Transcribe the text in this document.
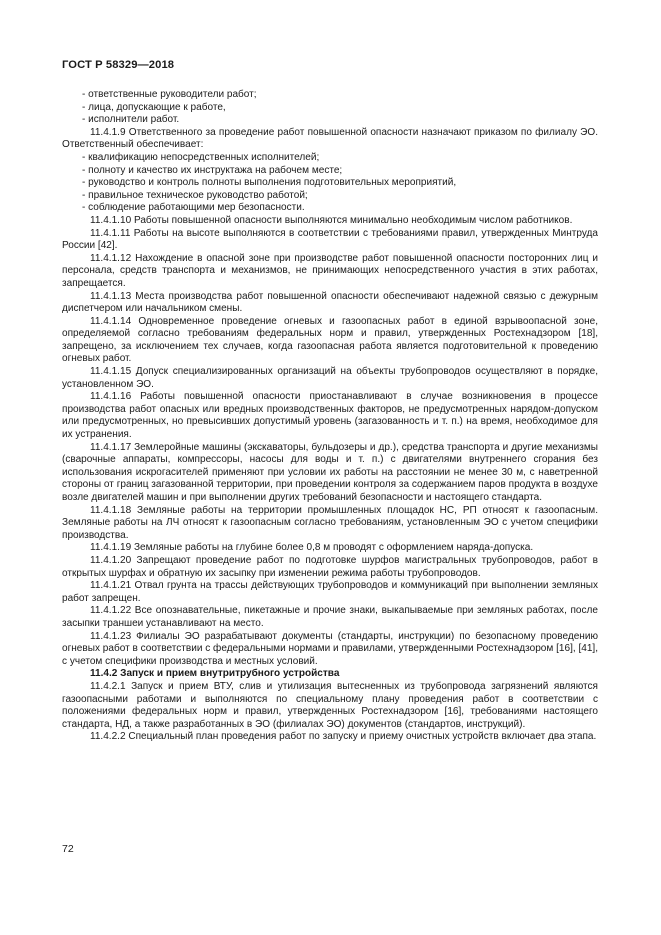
ГОСТ Р 58329—2018

- ответственные руководители работ;

- лица, допускающие к работе,

- исполнители работ.

11.4.1.9 Ответственного за проведение работ повышенной опасности назначают приказом по филиалу ЭО. Ответственный обеспечивает:

- квалификацию непосредственных исполнителей;

- полноту и качество их инструктажа на рабочем месте;

- руководство и контроль полноты выполнения подготовительных мероприятий,

- правильное техническое руководство работой;

- соблюдение работающими мер безопасности.

11.4.1.10 Работы повышенной опасности выполняются минимально необходимым числом работников.

11.4.1.11 Работы на высоте выполняются в соответствии с требованиями правил, утвержденных Минтруда России [42].

11.4.1.12 Нахождение в опасной зоне при производстве работ повышенной опасности посторонних лиц и персонала, средств транспорта и механизмов, не принимающих непосредственного участия в этих работах, запрещается.

11.4.1.13 Места производства работ повышенной опасности обеспечивают надежной связью с дежурным диспетчером или начальником смены.

11.4.1.14 Одновременное проведение огневых и газоопасных работ в единой взрывоопасной зоне, определяемой согласно требованиям федеральных норм и правил, утвержденных Ростехнадзором [18], запрещено, за исключением тех случаев, когда газоопасная работа является подготовительной к проведению огневых работ.

11.4.1.15 Допуск специализированных организаций на объекты трубопроводов осуществляют в порядке, установленном ЭО.

11.4.1.16 Работы повышенной опасности приостанавливают в случае возникновения в процессе производства работ опасных или вредных производственных факторов, не предусмотренных нарядом-допуском или предусмотренных, но превысивших допустимый уровень (загазованность и т. п.) на время, необходимое для их устранения.

11.4.1.17 Землеройные машины (экскаваторы, бульдозеры и др.), средства транспорта и другие механизмы (сварочные аппараты, компрессоры, насосы для воды и т. п.) с двигателями внутреннего сгорания без использования искрогасителей применяют при условии их работы на расстоянии не менее 30 м, с наветренной стороны от границ загазованной территории, при проведении контроля за содержанием паров продукта в воздухе возле двигателей машин и при выполнении других требований безопасности и настоящего стандарта.

11.4.1.18 Земляные работы на территории промышленных площадок НС, РП относят к газоопасным. Земляные работы на ЛЧ относят к газоопасным согласно требованиям, установленным ЭО с учетом специфики производства.

11.4.1.19 Земляные работы на глубине более 0,8 м проводят с оформлением наряда-допуска.

11.4.1.20 Запрещают проведение работ по подготовке шурфов магистральных трубопроводов, работ в открытых шурфах и обратную их засыпку при изменении режима работы трубопроводов.

11.4.1.21 Отвал грунта на трассы действующих трубопроводов и коммуникаций при выполнении земляных работ запрещен.

11.4.1.22 Все опознавательные, пикетажные и прочие знаки, выкапываемые при земляных работах, после засыпки траншеи устанавливают на место.

11.4.1.23 Филиалы ЭО разрабатывают документы (стандарты, инструкции) по безопасному проведению огневых работ в соответствии с федеральными нормами и правилами, утвержденными Ростехнадзором [16], [41], с учетом специфики производства и местных условий.

11.4.2 Запуск и прием внутритрубного устройства

11.4.2.1 Запуск и прием ВТУ, слив и утилизация вытесненных из трубопровода загрязнений являются газоопасными работами и выполняются по специальному плану проведения работ в соответствии с положениями федеральных норм и правил, утвержденных Ростехнадзором [16], требованиями настоящего стандарта, НД, а также разработанных в ЭО (филиалах ЭО) документов (стандартов, инструкций).

11.4.2.2 Специальный план проведения работ по запуску и приему очистных устройств включает два этапа.

72
